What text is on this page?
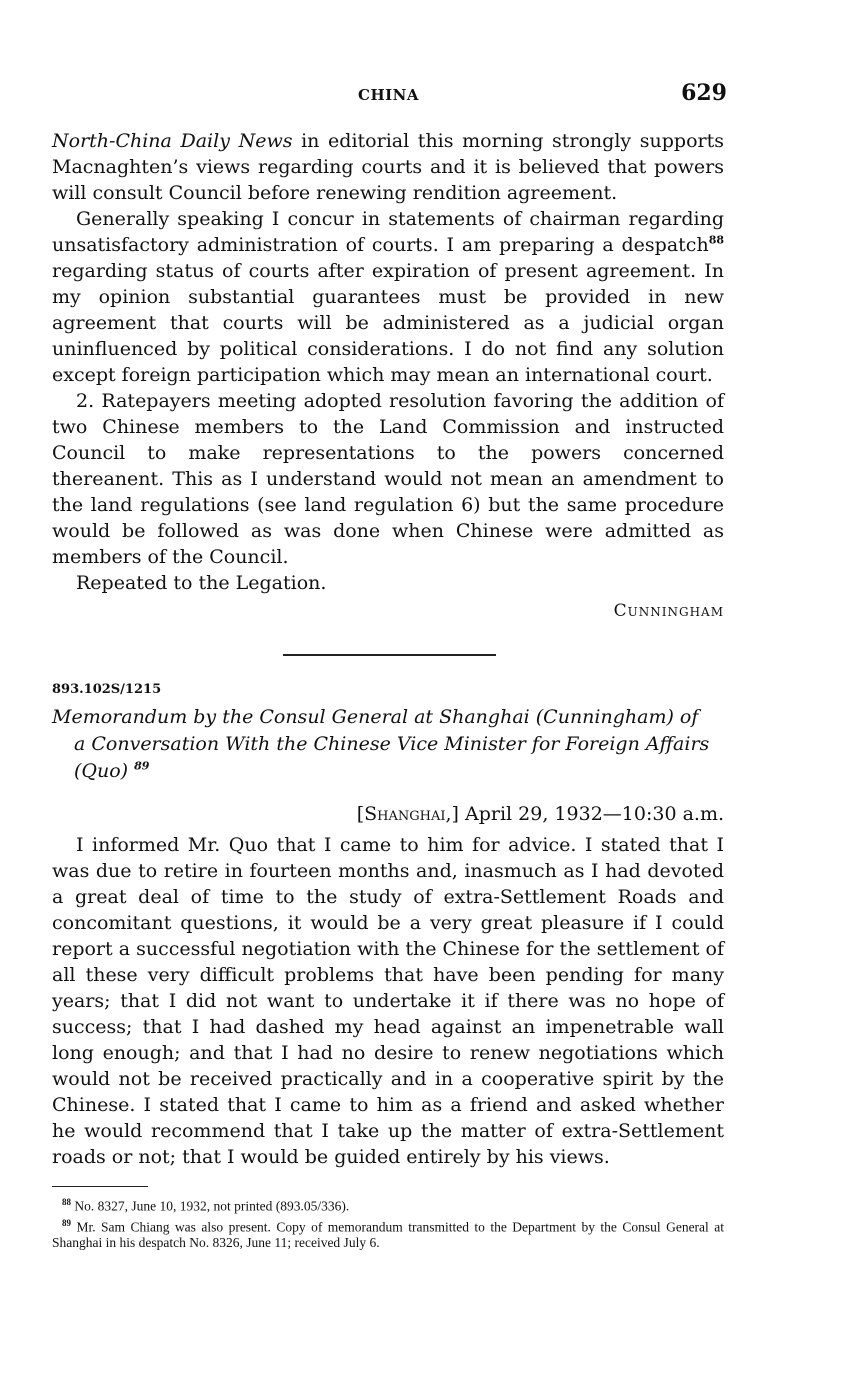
CHINA	629

North-China Daily News in editorial this morning strongly supports Macnaghten’s views regarding courts and it is believed that powers will consult Council before renewing rendition agreement.

Generally speaking I concur in statements of chairman regarding unsatisfactory administration of courts. I am preparing a despatch$^{88}$ regarding status of courts after expiration of present agreement. In my opinion substantial guarantees must be provided in new agreement that courts will be administered as a judicial organ uninfluenced by political considerations. I do not find any solution except foreign participation which may mean an international court.

2. Ratepayers meeting adopted resolution favoring the addition of two Chinese members to the Land Commission and instructed Council to make representations to the powers concerned thereanent. This as I understand would not mean an amendment to the land regulations (see land regulation 6) but the same procedure would be followed as was done when Chinese were admitted as members of the Council.

Repeated to the Legation.

Cunningham
893.102S/1215
Memorandum by the Consul General at Shanghai (Cunningham) of
a Conversation With the Chinese Vice Minister for Foreign Affairs
(Quo) $^{89}$
[Shanghai,] April 29, 1932—10:30 a.m.

I informed Mr. Quo that I came to him for advice. I stated that I was due to retire in fourteen months and, inasmuch as I had devoted a great deal of time to the study of extra-Settlement Roads and concomitant questions, it would be a very great pleasure if I could report a successful negotiation with the Chinese for the settlement of all these very difficult problems that have been pending for many years; that I did not want to undertake it if there was no hope of success; that I had dashed my head against an impenetrable wall long enough; and that I had no desire to renew negotiations which would not be received practically and in a cooperative spirit by the Chinese. I stated that I came to him as a friend and asked whether he would recommend that I take up the matter of extra-Settlement roads or not; that I would be guided entirely by his views.

$^{88}$ No. 8327, June 10, 1932, not printed (893.05/336).

$^{89}$ Mr. Sam Chiang was also present. Copy of memorandum transmitted to the Department by the Consul General at Shanghai in his despatch No. 8326, June 11; received July 6.
